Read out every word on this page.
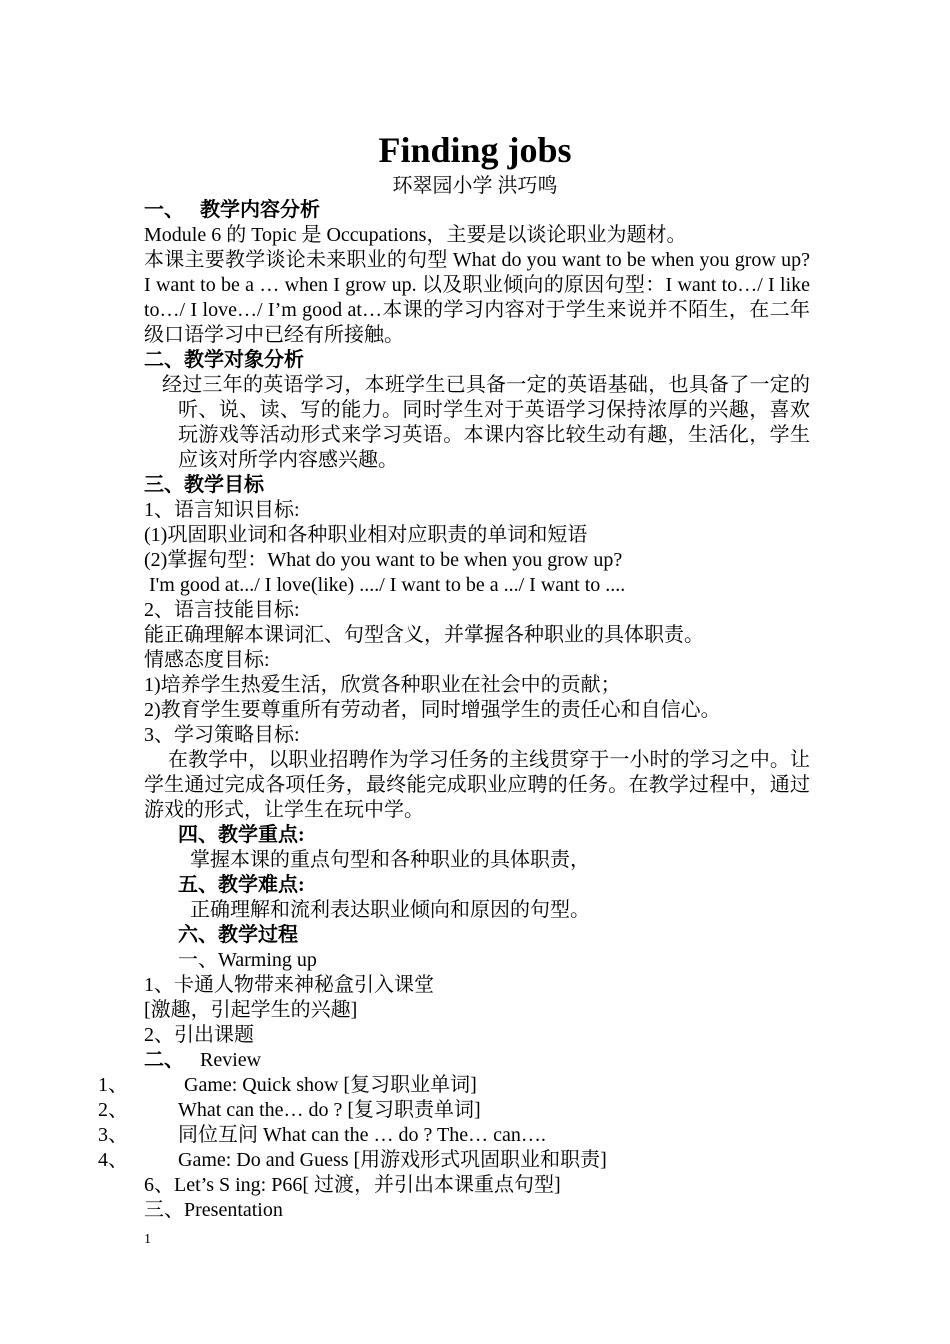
Finding jobs
环翠园小学 洪巧鸣
一、 教学内容分析
Module 6 的 Topic 是 Occupations，主要是以谈论职业为题材。
本课主要教学谈论未来职业的句型 What do you want to be when you grow up? I want to be a … when I grow up. 以及职业倾向的原因句型：I want to…/ I like to…/ I love…/ I’m good at…本课的学习内容对于学生来说并不陌生，在二年级口语学习中已经有所接触。
二、教学对象分析
经过三年的英语学习，本班学生已具备一定的英语基础，也具备了一定的听、说、读、写的能力。同时学生对于英语学习保持浓厚的兴趣，喜欢玩游戏等活动形式来学习英语。本课内容比较生动有趣，生活化，学生应该对所学内容感兴趣。
三、教学目标
1、语言知识目标:
(1)巩固职业词和各种职业相对应职责的单词和短语
(2)掌握句型：What do you want to be when you grow up?
I'm good at.../ I love(like) ..../ I want to be a .../ I want to ....
2、语言技能目标:
能正确理解本课词汇、句型含义，并掌握各种职业的具体职责。
情感态度目标:
1)培养学生热爱生活，欣赏各种职业在社会中的贡献；
2)教育学生要尊重所有劳动者，同时增强学生的责任心和自信心。
3、学习策略目标:
在教学中，以职业招聘作为学习任务的主线贯穿于一小时的学习之中。让学生通过完成各项任务，最终能完成职业应聘的任务。在教学过程中，通过游戏的形式，让学生在玩中学。
四、教学重点:
掌握本课的重点句型和各种职业的具体职责，
五、教学难点:
正确理解和流利表达职业倾向和原因的句型。
六、教学过程
一、Warming up
1、卡通人物带来神秘盒引入课堂
[激趣，引起学生的兴趣]
2、引出课题
二、 Review
1、	Game: Quick show [复习职业单词]
2、	What can the… do ? [复习职责单词]
3、	同位互问 What can the … do ? The… can….
4、	Game: Do and Guess [用游戏形式巩固职业和职责]
6、Let’s S ing: P66[ 过渡，并引出本课重点句型]
三、Presentation
1
